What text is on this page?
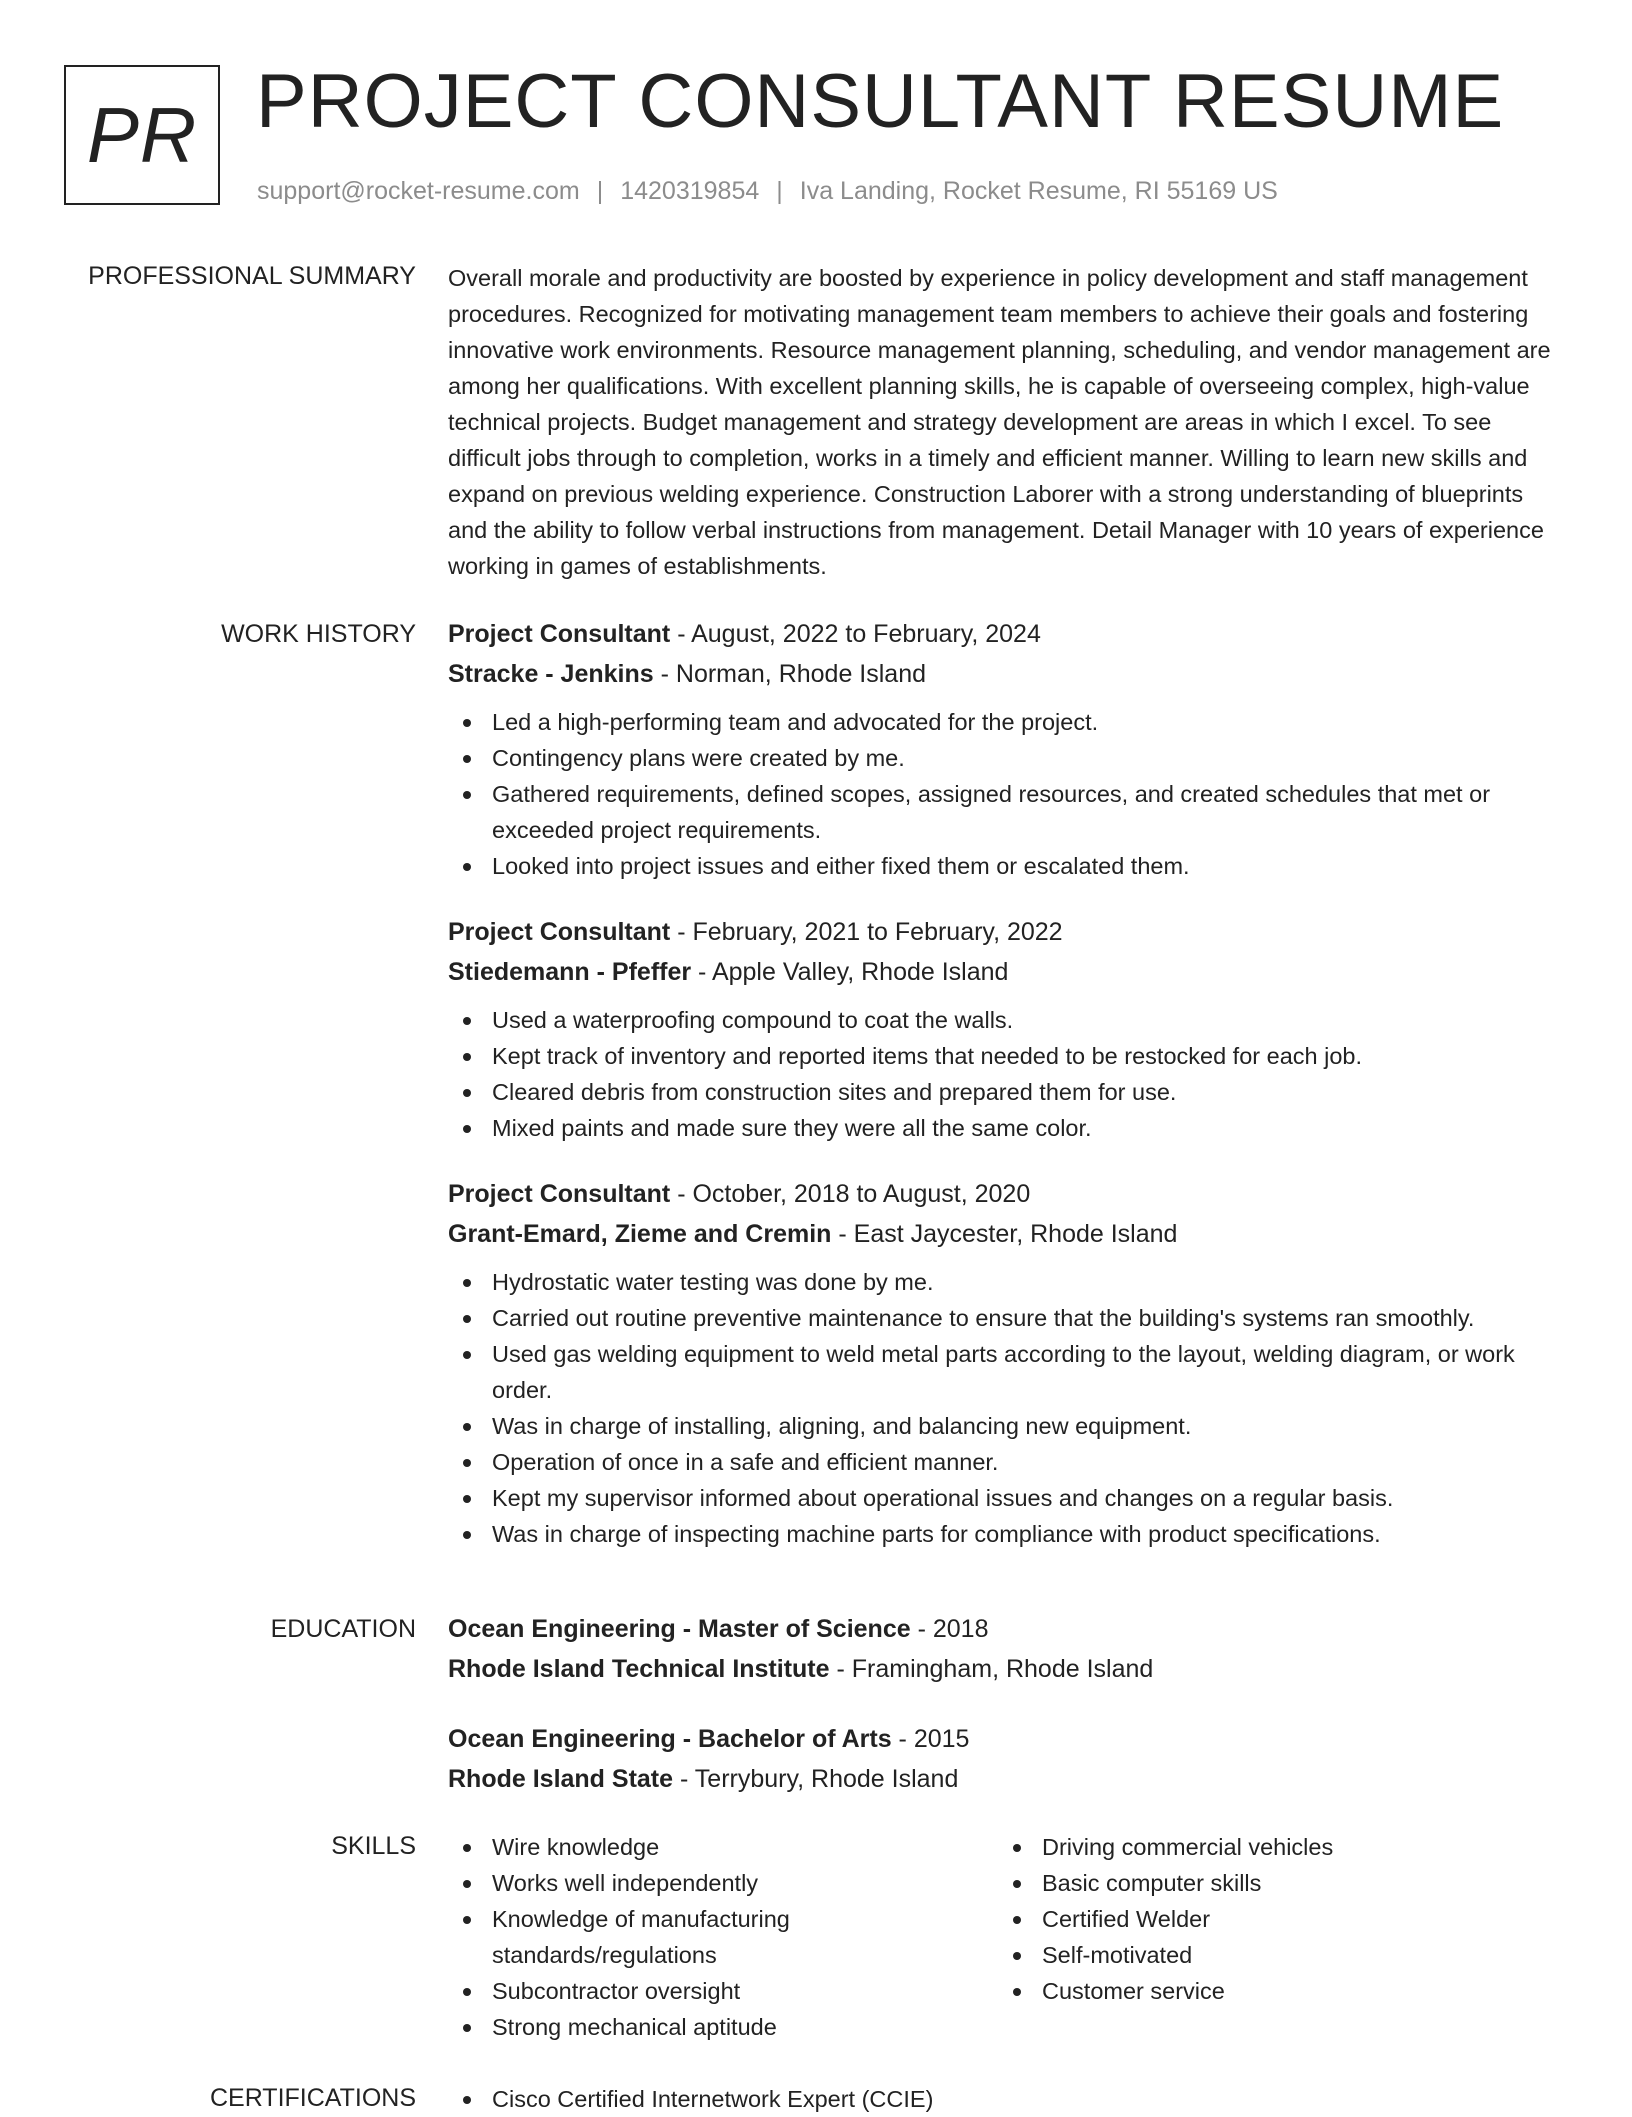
PR PROJECT CONSULTANT RESUME
support@rocket-resume.com | 1420319854 | Iva Landing, Rocket Resume, RI 55169 US
PROFESSIONAL SUMMARY Overall morale and productivity are boosted by experience in policy development and staff management procedures. Recognized for motivating management team members to achieve their goals and fostering innovative work environments. Resource management planning, scheduling, and vendor management are among her qualifications. With excellent planning skills, he is capable of overseeing complex, high-value technical projects. Budget management and strategy development are areas in which I excel. To see difficult jobs through to completion, works in a timely and efficient manner. Willing to learn new skills and expand on previous welding experience. Construction Laborer with a strong understanding of blueprints and the ability to follow verbal instructions from management. Detail Manager with 10 years of experience working in games of establishments.

WORK HISTORY Project Consultant - August, 2022 to February, 2024
Stracke - Jenkins - Norman, Rhode Island
Led a high-performing team and advocated for the project.
Contingency plans were created by me.
Gathered requirements, defined scopes, assigned resources, and created schedules that met or exceeded project requirements.
Looked into project issues and either fixed them or escalated them.
Project Consultant - February, 2021 to February, 2022
Stiedemann - Pfeffer - Apple Valley, Rhode Island
Used a waterproofing compound to coat the walls.
Kept track of inventory and reported items that needed to be restocked for each job.
Cleared debris from construction sites and prepared them for use.
Mixed paints and made sure they were all the same color.
Project Consultant - October, 2018 to August, 2020
Grant-Emard, Zieme and Cremin - East Jaycester, Rhode Island
Hydrostatic water testing was done by me.
Carried out routine preventive maintenance to ensure that the building's systems ran smoothly.
Used gas welding equipment to weld metal parts according to the layout, welding diagram, or work order.
Was in charge of installing, aligning, and balancing new equipment.
Operation of once in a safe and efficient manner.
Kept my supervisor informed about operational issues and changes on a regular basis.
Was in charge of inspecting machine parts for compliance with product specifications.
EDUCATION Ocean Engineering - Master of Science - 2018
Rhode Island Technical Institute - Framingham, Rhode Island
Ocean Engineering - Bachelor of Arts - 2015
Rhode Island State - Terrybury, Rhode Island
SKILLS	Wire knowledge
Works well independently
Knowledge of manufacturing standards/regulations
Subcontractor oversight
Strong mechanical aptitude
Driving commercial vehicles
Basic computer skills
Certified Welder
Self-motivated
Customer service
CERTIFICATIONS	Cisco Certified Internetwork Expert (CCIE)
